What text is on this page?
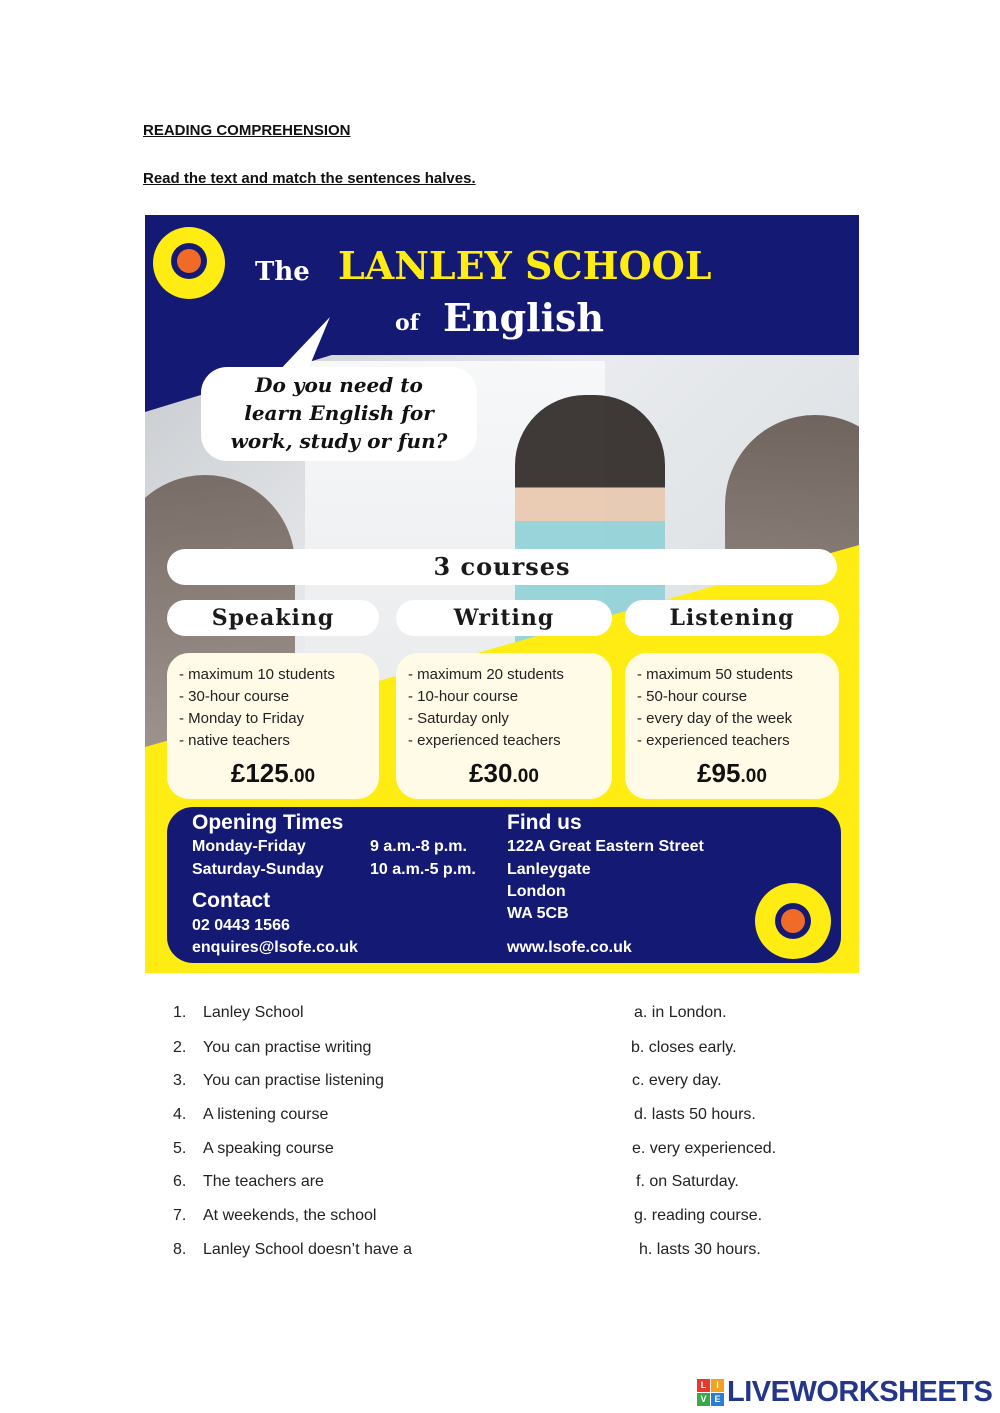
READING COMPREHENSION
Read the text and match the sentences halves.
The LANLEY SCHOOL
of English
Do you need to
learn English for
work, study or fun?
3 courses
Speaking	Writing	Listening
- maximum 10 students
- 30-hour course
- Monday to Friday
- native teachers
£125.00
- maximum 20 students
- 10-hour course
- Saturday only
- experienced teachers
£30.00
- maximum 50 students
- 50-hour course
- every day of the week
- experienced teachers
£95.00
Opening Times
Monday-Friday	9 a.m.-8 p.m.
Saturday-Sunday	10 a.m.-5 p.m.
Contact
02 0443 1566
enquires@lsofe.co.uk
Find us
122A Great Eastern Street
Lanleygate
London
WA 5CB
www.lsofe.co.uk
1. Lanley School
2. You can practise writing
3. You can practise listening
4. A listening course
5. A speaking course
6. The teachers are
7. At weekends, the school
8. Lanley School doesn’t have a
a. in London.
b. closes early.
c. every day.
d. lasts 50 hours.
e. very experienced.
f. on Saturday.
g. reading course.
h. lasts 30 hours.
L	I
V E LIVEWORKSHEETS
